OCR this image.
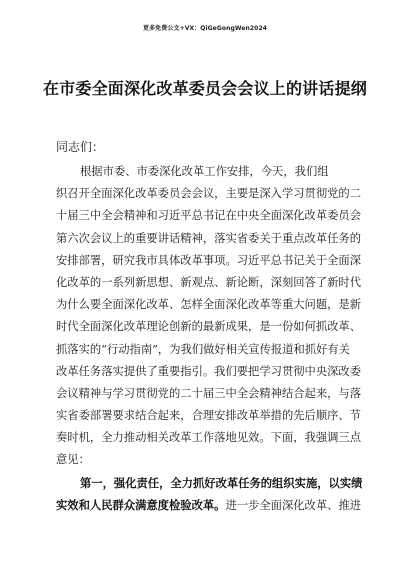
更多免费公文+VX：QiGeGongWen2024
在市委全面深化改革委员会会议上的讲话提纲
同志们：
根据市委、市委深化改革工作安排，今天，我们组
织召开全面深化改革委员会会议，主要是深入学习贯彻党的二
十届三中全会精神和习近平总书记在中央全面深化改革委员会
第六次会议上的重要讲话精神，落实省委关于重点改革任务的
安排部署，研究我市具体改革事项。习近平总书记关于全面深
化改革的一系列新思想、新观点、新论断，深刻回答了新时代
为什么要全面深化改革、怎样全面深化改革等重大问题，是新
时代全面深化改革理论创新的最新成果，是一份如何抓改革、
抓落实的“行动指南”，为我们做好相关宣传报道和抓好有关
改革任务落实提供了重要指引。我们要把学习贯彻中央深改委
会议精神与学习贯彻党的二十届三中全会精神结合起来，与落
实省委部署要求结合起来，合理安排改革举措的先后顺序、节
奏时机，全力推动相关改革工作落地见效。下面，我强调三点
意见：
第一，强化责任，全力抓好改革任务的组织实施，以实绩
实效和人民群众满意度检验改革。进一步全面深化改革、推进
